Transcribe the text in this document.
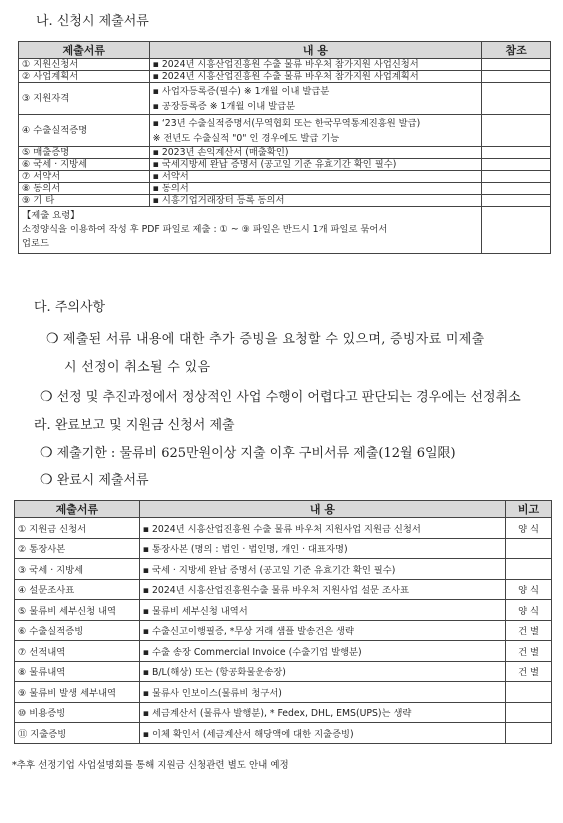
나. 신청시 제출서류
제출서류	내 용	참조
① 지원신청서	▪ 2024년 시흥산업진흥원 수출 물류 바우처 참가지원 사업신청서	

② 사업계획서	▪ 2024년 시흥산업진흥원 수출 물류 바우처 참가지원 사업계획서	

③ 지원자격	▪ 사업자등록증(필수) ※ 1개월 이내 발급분
▪ 공장등록증 ※ 1개월 이내 발급분	

④ 수출실적증명	▪ ‘23년 수출실적증명서(무역협회 또는 한국무역통계진흥원 발급)
※ 전년도 수출실적 "0" 인 경우에도 발급 기능	

⑤ 매출증명	▪ 2023년 손익계산서 (매출확인)	

⑥ 국세 · 지방세	▪ 국세지방세 완납 증명서 (공고일 기준 유효기간 확인 필수)	

⑦ 서약서	▪ 서약서	

⑧ 동의서	▪ 동의서	

⑨ 기 타	▪ 시흥기업거래장터 등록 동의서	

【제출 요령】
소정양식을 이용하여 작성 후 PDF 파일로 제출 : ① ~ ⑨ 파일은 반드시 1개 파일로 묶어서
업로드		

다. 주의사항
❍ 제출된 서류 내용에 대한 추가 증빙을 요청할 수 있으며, 증빙자료 미제출
시 선정이 취소될 수 있음
❍ 선정 및 추진과정에서 정상적인 사업 수행이 어렵다고 판단되는 경우에는 선정취소
라. 완료보고 및 지원금 신청서 제출
❍ 제출기한 : 물류비 625만원이상 지출 이후 구비서류 제출(12월 6일限)
❍ 완료시 제출서류
제출서류	내 용	비고
① 지원금 신청서	▪ 2024년 시흥산업진흥원 수출 물류 바우처 지원사업 지원금 신청서	양 식
② 통장사본	▪ 통장사본 (명의 : 법인 · 법인명, 개인 · 대표자명)	
③ 국세 · 지방세	▪ 국세 · 지방세 완납 증명서 (공고일 기준 유효기간 확인 필수)	
④ 설문조사표	▪ 2024년 시흥산업진흥원수출 물류 바우처 지원사업 설문 조사표	양 식
⑤ 물류비 세부신청 내역	▪ 물류비 세부신청 내역서	양 식
⑥ 수출실적증빙	▪ 수출신고이행필증, *무상 거래 샘플 발송건은 생략	건 별
⑦ 선적내역	▪ 수출 송장 Commercial Invoice (수출기업 발행분)	건 별
⑧ 물류내역	▪ B/L(해상) 또는 (항공화물운송장)	건 별
⑨ 물류비 발생 세부내역	▪ 물류사 인보이스(물류비 청구서)	
⑩ 비용증빙	▪ 세금계산서 (물류사 발행분), * Fedex, DHL, EMS(UPS)는 생략	
⑪ 지출증빙	▪ 이체 확인서 (세금계산서 해당액에 대한 지출증빙)	
*추후 선정기업 사업설명회를 통해 지원금 신청관련 별도 안내 예정
